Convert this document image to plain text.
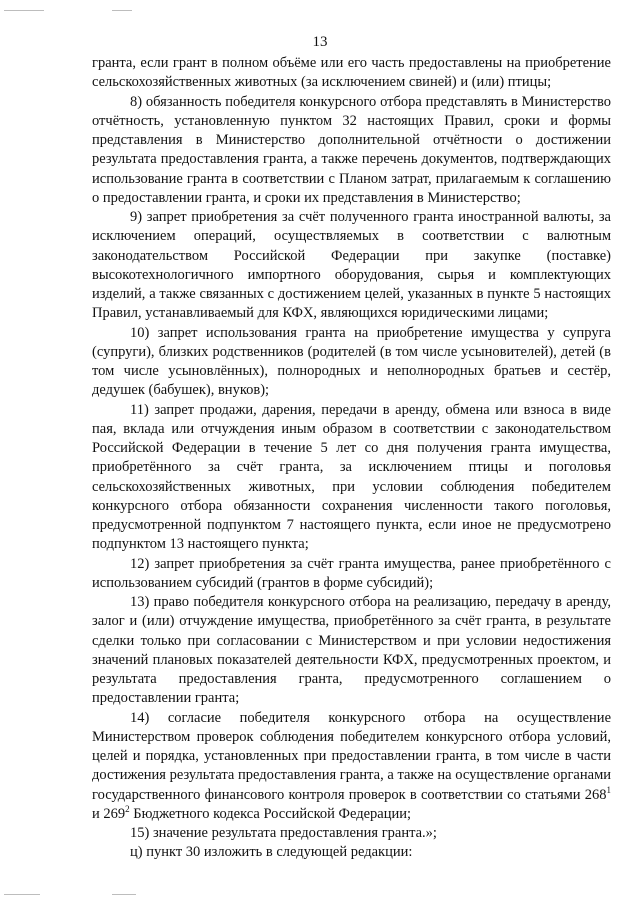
13

гранта, если грант в полном объёме или его часть предоставлены на приобретение сельскохозяйственных животных (за исключением свиней) и (или) птицы;

8) обязанность победителя конкурсного отбора представлять в Министерство отчётность, установленную пунктом 32 настоящих Правил, сроки и формы представления в Министерство дополнительной отчётности о достижении результата предоставления гранта, а также перечень документов, подтверждающих использование гранта в соответствии с Планом затрат, прилагаемым к соглашению о предоставлении гранта, и сроки их представления в Министерство;

9) запрет приобретения за счёт полученного гранта иностранной валюты, за исключением операций, осуществляемых в соответствии с валютным законодательством Российской Федерации при закупке (поставке) высокотехнологичного импортного оборудования, сырья и комплектующих изделий, а также связанных с достижением целей, указанных в пункте 5 настоящих Правил, устанавливаемый для КФХ, являющихся юридическими лицами;

10) запрет использования гранта на приобретение имущества у супруга (супруги), близких родственников (родителей (в том числе усыновителей), детей (в том числе усыновлённых), полнородных и неполнородных братьев и сестёр, дедушек (бабушек), внуков);

11) запрет продажи, дарения, передачи в аренду, обмена или взноса в виде пая, вклада или отчуждения иным образом в соответствии с законодательством Российской Федерации в течение 5 лет со дня получения гранта имущества, приобретённого за счёт гранта, за исключением птицы и поголовья сельскохозяйственных животных, при условии соблюдения победителем конкурсного отбора обязанности сохранения численности такого поголовья, предусмотренной подпунктом 7 настоящего пункта, если иное не предусмотрено подпунктом 13 настоящего пункта;

12) запрет приобретения за счёт гранта имущества, ранее приобретённого с использованием субсидий (грантов в форме субсидий);

13) право победителя конкурсного отбора на реализацию, передачу в аренду, залог и (или) отчуждение имущества, приобретённого за счёт гранта, в результате сделки только при согласовании с Министерством и при условии недостижения значений плановых показателей деятельности КФХ, предусмотренных проектом, и результата предоставления гранта, предусмотренного соглашением о предоставлении гранта;

14) согласие победителя конкурсного отбора на осуществление Министерством проверок соблюдения победителем конкурсного отбора условий, целей и порядка, установленных при предоставлении гранта, в том числе в части достижения результата предоставления гранта, а также на осуществление органами государственного финансового контроля проверок в соответствии со статьями $268^1$ и $269^2$ Бюджетного кодекса Российской Федерации;

15) значение результата предоставления гранта.»;

ц) пункт 30 изложить в следующей редакции:
